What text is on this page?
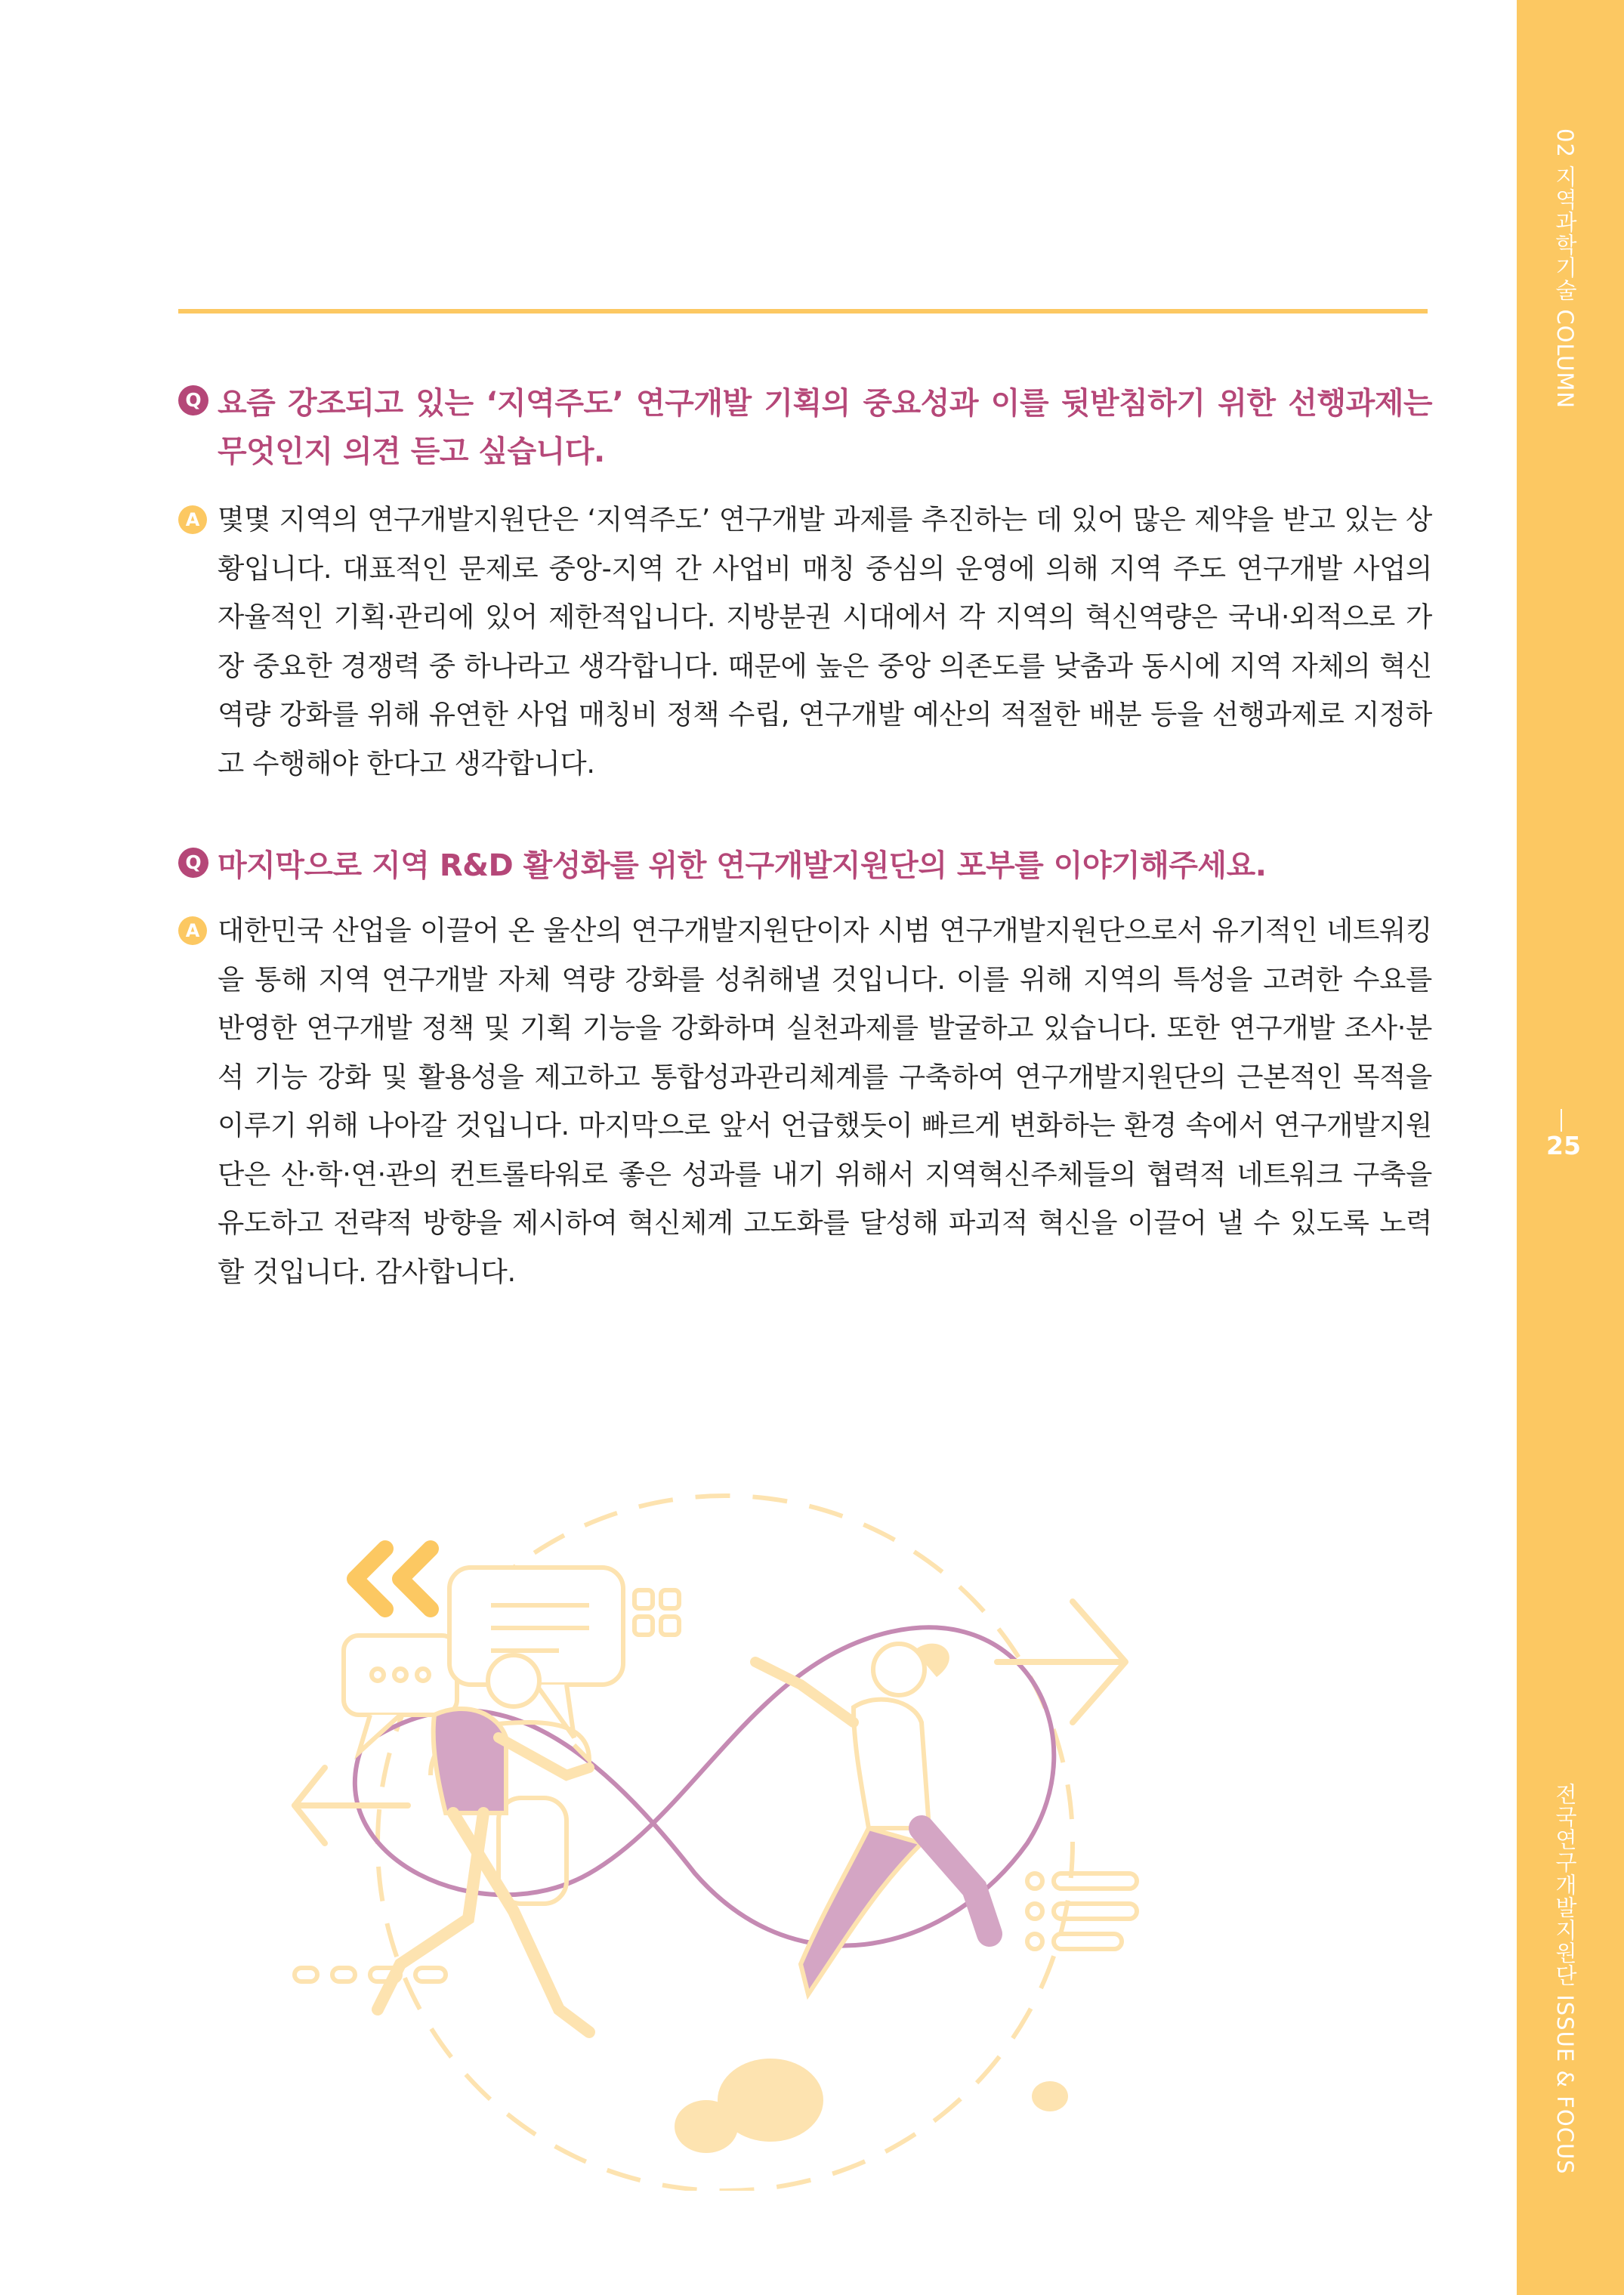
02 지역과학기술 COLUMN
25
전국연구개발지원단 ISSUE & FOCUS
Q 요즘 강조되고 있는 ‘지역주도’ 연구개발 기획의 중요성과 이를 뒷받침하기 위한 선행과제는 무엇인지 의견 듣고 싶습니다.
A 몇몇 지역의 연구개발지원단은 ‘지역주도’ 연구개발 과제를 추진하는 데 있어 많은 제약을 받고 있는 상황입니다. 대표적인 문제로 중앙-지역 간 사업비 매칭 중심의 운영에 의해 지역 주도 연구개발 사업의 자율적인 기획·관리에 있어 제한적입니다. 지방분권 시대에서 각 지역의 혁신역량은 국내·외적으로 가장 중요한 경쟁력 중 하나라고 생각합니다. 때문에 높은 중앙 의존도를 낮춤과 동시에 지역 자체의 혁신역량 강화를 위해 유연한 사업 매칭비 정책 수립, 연구개발 예산의 적절한 배분 등을 선행과제로 지정하고 수행해야 한다고 생각합니다.
Q 마지막으로 지역 R&D 활성화를 위한 연구개발지원단의 포부를 이야기해주세요.
A 대한민국 산업을 이끌어 온 울산의 연구개발지원단이자 시범 연구개발지원단으로서 유기적인 네트워킹을 통해 지역 연구개발 자체 역량 강화를 성취해낼 것입니다. 이를 위해 지역의 특성을 고려한 수요를 반영한 연구개발 정책 및 기획 기능을 강화하며 실천과제를 발굴하고 있습니다. 또한 연구개발 조사·분석 기능 강화 및 활용성을 제고하고 통합성과관리체계를 구축하여 연구개발지원단의 근본적인 목적을 이루기 위해 나아갈 것입니다. 마지막으로 앞서 언급했듯이 빠르게 변화하는 환경 속에서 연구개발지원단은 산·학·연·관의 컨트롤타워로 좋은 성과를 내기 위해서 지역혁신주체들의 협력적 네트워크 구축을 유도하고 전략적 방향을 제시하여 혁신체계 고도화를 달성해 파괴적 혁신을 이끌어 낼 수 있도록 노력할 것입니다. 감사합니다.
